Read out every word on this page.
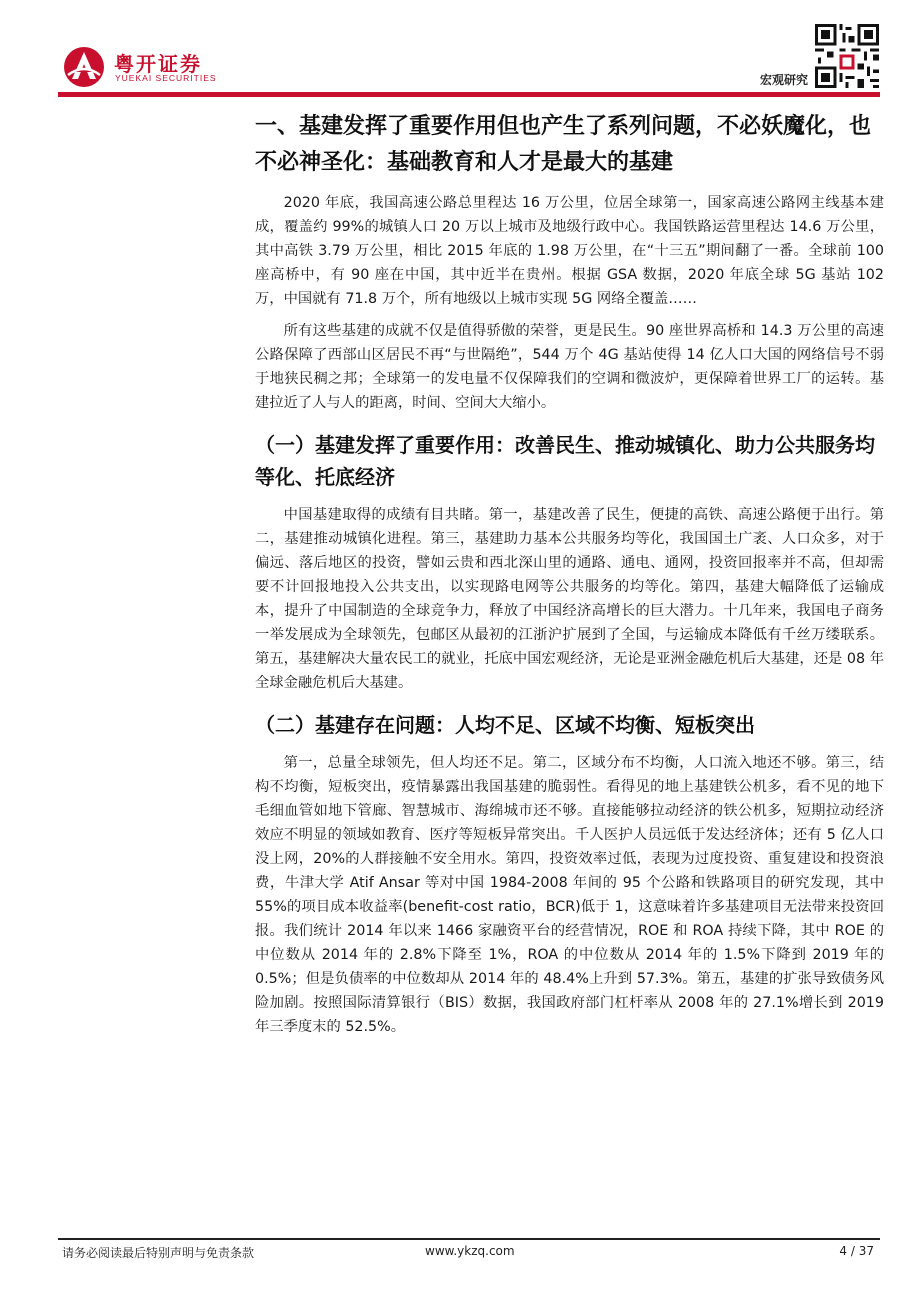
粤开证券
YUEKAI SECURITIES	宏观研究
一、基建发挥了重要作用但也产生了系列问题，不必妖魔化，也不必神圣化：基础教育和人才是最大的基建

2020 年底，我国高速公路总里程达 16 万公里，位居全球第一，国家高速公路网主线基本建成，覆盖约 99%的城镇人口 20 万以上城市及地级行政中心。我国铁路运营里程达 14.6 万公里，其中高铁 3.79 万公里，相比 2015 年底的 1.98 万公里，在“十三五”期间翻了一番。全球前 100 座高桥中，有 90 座在中国，其中近半在贵州。根据 GSA 数据，2020 年底全球 5G 基站 102 万，中国就有 71.8 万个，所有地级以上城市实现 5G 网络全覆盖……

所有这些基建的成就不仅是值得骄傲的荣誉，更是民生。90 座世界高桥和 14.3 万公里的高速公路保障了西部山区居民不再“与世隔绝”，544 万个 4G 基站使得 14 亿人口大国的网络信号不弱于地狭民稠之邦；全球第一的发电量不仅保障我们的空调和微波炉，更保障着世界工厂的运转。基建拉近了人与人的距离，时间、空间大大缩小。

（一）基建发挥了重要作用：改善民生、推动城镇化、助力公共服务均等化、托底经济

中国基建取得的成绩有目共睹。第一，基建改善了民生，便捷的高铁、高速公路便于出行。第二，基建推动城镇化进程。第三，基建助力基本公共服务均等化，我国国土广袤、人口众多，对于偏远、落后地区的投资，譬如云贵和西北深山里的通路、通电、通网，投资回报率并不高，但却需要不计回报地投入公共支出，以实现路电网等公共服务的均等化。第四，基建大幅降低了运输成本，提升了中国制造的全球竞争力，释放了中国经济高增长的巨大潜力。十几年来，我国电子商务一举发展成为全球领先，包邮区从最初的江浙沪扩展到了全国，与运输成本降低有千丝万缕联系。第五，基建解决大量农民工的就业，托底中国宏观经济，无论是亚洲金融危机后大基建，还是 08 年全球金融危机后大基建。

（二）基建存在问题：人均不足、区域不均衡、短板突出

第一，总量全球领先，但人均还不足。第二，区域分布不均衡，人口流入地还不够。第三，结构不均衡，短板突出，疫情暴露出我国基建的脆弱性。看得见的地上基建铁公机多，看不见的地下毛细血管如地下管廊、智慧城市、海绵城市还不够。直接能够拉动经济的铁公机多，短期拉动经济效应不明显的领域如教育、医疗等短板异常突出。千人医护人员远低于发达经济体；还有 5 亿人口没上网，20%的人群接触不安全用水。第四，投资效率过低，表现为过度投资、重复建设和投资浪费，牛津大学 Atif Ansar 等对中国 1984-2008 年间的 95 个公路和铁路项目的研究发现，其中 55%的项目成本收益率(benefit-cost ratio，BCR)低于 1，这意味着许多基建项目无法带来投资回报。我们统计 2014 年以来 1466 家融资平台的经营情况，ROE 和 ROA 持续下降，其中 ROE 的中位数从 2014 年的 2.8%下降至 1%，ROA 的中位数从 2014 年的 1.5%下降到 2019 年的 0.5%；但是负债率的中位数却从 2014 年的 48.4%上升到 57.3%。第五，基建的扩张导致债务风险加剧。按照国际清算银行（BIS）数据，我国政府部门杠杆率从 2008 年的 27.1%增长到 2019 年三季度末的 52.5%。

请务必阅读最后特别声明与免责条款	www.ykzq.com	4 / 37
